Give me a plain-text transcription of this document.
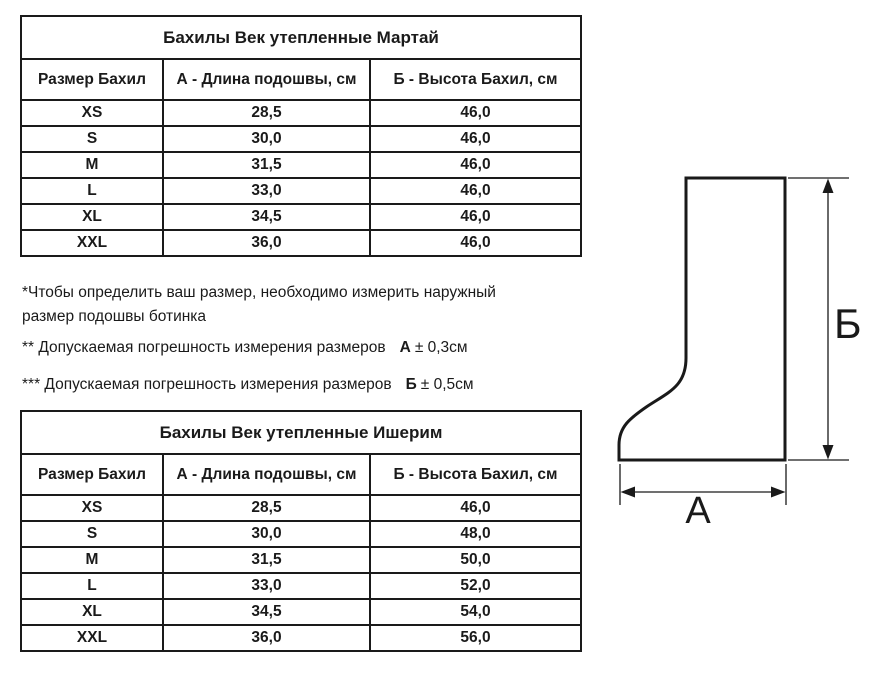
Бахилы Век утепленные Мартай		
Размер Бахил	А - Длина подошвы, см	Б - Высота Бахил, см
XS	28,5	46,0
S	30,0	46,0
M	31,5	46,0
L	33,0	46,0
XL	34,5	46,0
XXL	36,0	46,0

*Чтобы определить ваш размер, необходимо измерить наружный размер подошвы ботинка

** Допускаемая погрешность измерения размеров А ± 0,3см

*** Допускаемая погрешность измерения размеров Б ± 0,5см

Бахилы Век утепленные Ишерим		
Размер Бахил	А - Длина подошвы, см	Б - Высота Бахил, см
XS	28,5	46,0
S	30,0	48,0
M	31,5	50,0
L	33,0	52,0
XL	34,5	54,0
XXL	36,0	56,0
Б
А
